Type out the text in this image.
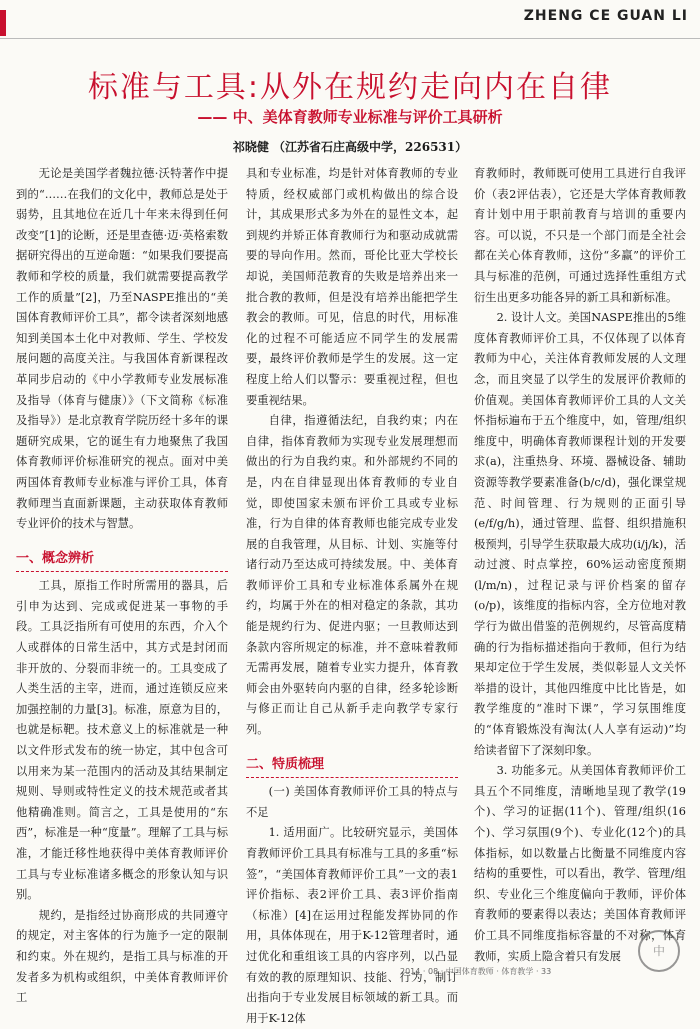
ZHENG CE GUAN LI
标准与工具:从外在规约走向内在自律
—— 中、美体育教师专业标准与评价工具研析
祁晓健 （江苏省石庄高级中学，226531）

无论是美国学者魏拉德·沃特著作中提到的“……在我们的文化中，教师总是处于弱势，且其地位在近几十年来未得到任何改变”[1]的论断，还是里查德·迈·英格索数据研究得出的互逆命题：“如果我们要提高教师和学校的质量，我们就需要提高教学工作的质量”[2]，乃至NASPE推出的“美国体育教师评价工具”，都令读者深刻地感知到美国本土化中对教师、学生、学校发展问题的高度关注。与我国体育新课程改革同步启动的《中小学教师专业发展标准及指导（体育与健康）》（下文简称《标准及指导》）是北京教育学院历经十多年的课题研究成果，它的诞生有力地聚焦了我国体育教师评价标准研究的视点。面对中美两国体育教师专业标准与评价工具，体育教师理当直面新课题，主动获取体育教师专业评价的技术与智慧。

一、概念辨析

工具，原指工作时所需用的器具，后引申为达到、完成或促进某一事物的手段。工具泛指所有可使用的东西，介入个人或群体的日常生活中，其方式是封闭而非开放的、分裂而非统一的。工具变成了人类生活的主宰，进而，通过连锁反应来加强控制的力量[3]。标准，原意为目的，也就是标靶。技术意义上的标准就是一种以文件形式发布的统一协定，其中包含可以用来为某一范围内的活动及其结果制定规则、导则或特性定义的技术规范或者其他精确准则。简言之，工具是使用的“东西”，标准是一种“度量”。理解了工具与标准，才能迁移性地获得中美体育教师评价工具与专业标准诸多概念的形象认知与识别。

规约，是指经过协商形成的共同遵守的规定，对主客体的行为施予一定的限制和约束。外在规约，是指工具与标准的开发者多为机构或组织，中美体育教师评价工

具和专业标准，均是针对体育教师的专业特质，经权威部门或机构做出的综合设计，其成果形式多为外在的显性文本，起到规约并矫正体育教师行为和驱动成就需要的导向作用。然而，哥伦比亚大学校长却说，美国师范教育的失败是培养出来一批合教的教师，但是没有培养出能把学生教会的教师。可见，信息的时代，用标准化的过程不可能适应不同学生的发展需要，最终评价教师是学生的发展。这一定程度上给人们以警示：要重视过程，但也要重视结果。

自律，指遵循法纪，自我约束；内在自律，指体育教师为实现专业发展理想而做出的行为自我约束。和外部规约不同的是，内在自律显现出体育教师的专业自觉，即使国家未颁布评价工具或专业标准，行为自律的体育教师也能完成专业发展的自我管理，从目标、计划、实施等付诸行动乃至达成可持续发展。中、美体育教师评价工具和专业标准体系属外在规约，均属于外在的相对稳定的条款，其功能是规约行为、促进内驱；一旦教师达到条款内容所规定的标准，并不意味着教师无需再发展，随着专业实力提升，体育教师会由外驱转向内驱的自律，经多轮诊断与修正而让自己从新手走向教学专家行列。

二、特质梳理

(一) 美国体育教师评价工具的特点与不足

1. 适用面广。比较研究显示，美国体育教师评价工具具有标准与工具的多重“标签”，“美国体育教师评价工具”一文的表1评价指标、表2评价工具、表3评价指南（标准）[4]在运用过程能发挥协同的作用，具体体现在，用于K-12管理者时，通过优化和重组该工具的内容序列，以凸显有效的教的原理知识、技能、行为，制订出指向于专业发展目标领域的新工具。而用于K-12体

育教师时，教师既可使用工具进行自我评价（表2评估表），它还是大学体育教师教育计划中用于职前教育与培训的重要内容。可以说，不只是一个部门而是全社会都在关心体育教师，这份“多赢”的评价工具与标准的范例，可通过选择性重组方式衍生出更多功能各异的新工具和新标准。

2. 设计人文。美国NASPE推出的5维度体育教师评价工具，不仅体现了以体育教师为中心，关注体育教师发展的人文理念，而且突显了以学生的发展评价教师的价值观。美国体育教师评价工具的人文关怀指标遍布于五个维度中，如，管理/组织维度中，明确体育教师课程计划的开发要求(a)，注重热身、环境、器械设备、辅助资源等教学要素准备(b/c/d)，强化课堂规范、时间管理、行为规则的正面引导(e/f/g/h)，通过管理、监督、组织措施积极预判，引导学生获取最大成功(i/j/k)，活动过渡、时点掌控，60%运动密度预期(l/m/n)，过程记录与评价档案的留存(o/p)，该维度的指标内容，全方位地对教学行为做出借鉴的范例规约，尽管高度精确的行为指标描述指向于教师，但行为结果却定位于学生发展，类似彰显人文关怀举措的设计，其他四维度中比比皆是，如教学维度的“准时下课”，学习氛围维度的“体育锻炼没有淘汰(人人享有运动)”均给读者留下了深刻印象。

3. 功能多元。从美国体育教师评价工具五个不同维度，清晰地呈现了教学(19个)、学习的证据(11个)、管理/组织(16个)、学习氛围(9个)、专业化(12个)的具体指标，如以数量占比衡量不同维度内容结构的重要性，可以看出，教学、管理/组织、专业化三个维度偏向于教师，评价体育教师的要素得以表达；美国体育教师评价工具不同维度指标容量的不对称，体育教师，实质上隐含着只有发展

2014 · 08 · 中国体育教师 · 体育教学 · 33
中
